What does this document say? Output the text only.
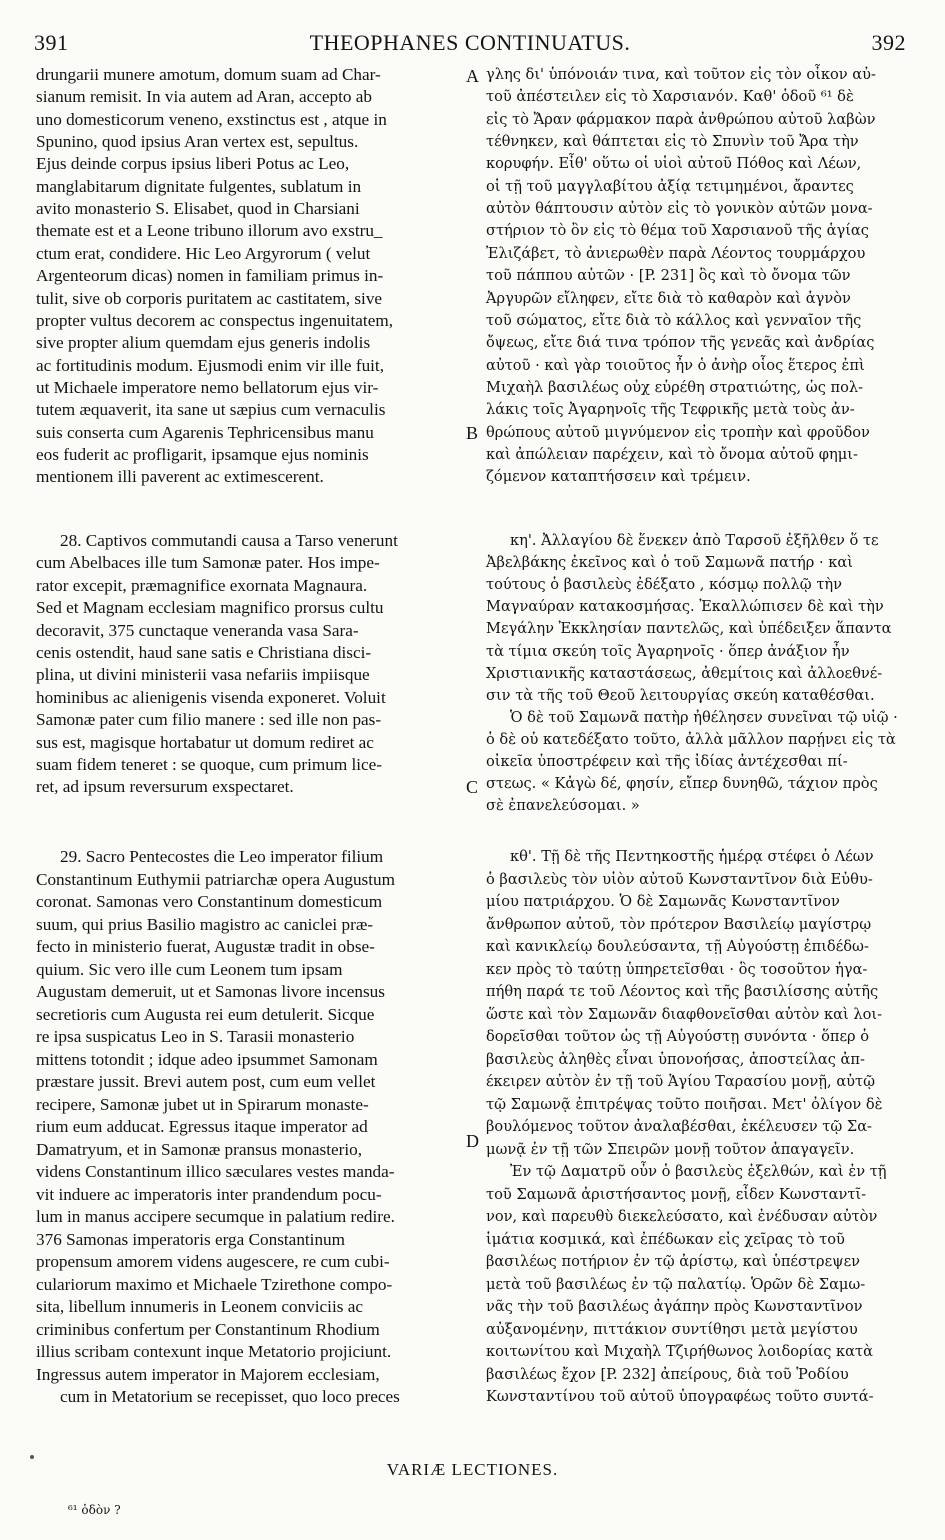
391	THEOPHANES CONTINUATUS.	392
drungarii munere amotum, domum suam ad Char-
sianum remisit. In via autem ad Aran, accepto ab
uno domesticorum veneno, exstinctus est , atque in
Spunino, quod ipsius Aran vertex est, sepultus.
Ejus deinde corpus ipsius liberi Potus ac Leo,
manglabitarum dignitate fulgentes, sublatum in
avito monasterio S. Elisabet, quod in Charsiani
themate est et a Leone tribuno illorum avo exstru_
ctum erat, condidere. Hic Leo Argyrorum ( velut
Argenteorum dicas) nomen in familiam primus in-
tulit, sive ob corporis puritatem ac castitatem, sive
propter vultus decorem ac conspectus ingenuitatem,
sive propter alium quemdam ejus generis indolis
ac fortitudinis modum. Ejusmodi enim vir ille fuit,
ut Michaele imperatore nemo bellatorum ejus vir-
tutem æquaverit, ita sane ut sæpius cum vernaculis
suis conserta cum Agarenis Tephricensibus manu
eos fuderit ac profligarit, ipsamque ejus nominis
mentionem illi paverent ac extimescerent.
28. Captivos commutandi causa a Tarso venerunt
cum Abelbaces ille tum Samonæ pater. Hos impe-
rator excepit, præmagnifice exornata Magnaura.
Sed et Magnam ecclesiam magnifico prorsus cultu
decoravit, 375 cunctaque veneranda vasa Sara-
cenis ostendit, haud sane satis e Christiana disci-
plina, ut divini ministerii vasa nefariis impiisque
hominibus ac alienigenis visenda exponeret. Voluit
Samonæ pater cum filio manere : sed ille non pas-
sus est, magisque hortabatur ut domum rediret ac
suam fidem teneret : se quoque, cum primum lice-
ret, ad ipsum reversurum exspectaret.
29. Sacro Pentecostes die Leo imperator filium
Constantinum Euthymii patriarchæ opera Augustum
coronat. Samonas vero Constantinum domesticum
suum, qui prius Basilio magistro ac caniclei præ-
fecto in ministerio fuerat, Augustæ tradit in obse-
quium. Sic vero ille cum Leonem tum ipsam
Augustam demeruit, ut et Samonas livore incensus
secretioris cum Augusta rei eum detulerit. Sicque
re ipsa suspicatus Leo in S. Tarasii monasterio
mittens totondit ; idque adeo ipsummet Samonam
præstare jussit. Brevi autem post, cum eum vellet
recipere, Samonæ jubet ut in Spirarum monaste-
rium eum adducat. Egressus itaque imperator ad
Damatryum, et in Samonæ pransus monasterio,
videns Constantinum illico sæculares vestes manda-
vit induere ac imperatoris inter prandendum pocu-
lum in manus accipere secumque in palatium redire.
376 Samonas imperatoris erga Constantinum
propensum amorem videns augescere, re cum cubi-
culariorum maximo et Michaele Tzirethone compo-
sita, libellum innumeris in Leonem conviciis ac
criminibus confertum per Constantinum Rhodium
illius scribam contexunt inque Metatorio projiciunt.
Ingressus autem imperator in Majorem ecclesiam,
cum in Metatorium se recepisset, quo loco preces
γλης δι' ὑπόνοιάν τινα, καὶ τοῦτον εἰς τὸν οἶκον αὐ-
τοῦ ἀπέστειλεν εἰς τὸ Χαρσιανόν. Καθ' ὁδοῦ ⁶¹ δὲ
εἰς τὸ Ἄραν φάρμακον παρὰ ἀνθρώπου αὐτοῦ λαβὼν
τέθνηκεν, καὶ θάπτεται εἰς τὸ Σπυνὶν τοῦ Ἄρα τὴν
κορυφήν. Εἶθ' οὕτω οἱ υἱοὶ αὐτοῦ Πόθος καὶ Λέων,
οἱ τῇ τοῦ μαγγλαβίτου ἀξίᾳ τετιμημένοι, ἄραντες
αὐτὸν θάπτουσιν αὐτὸν εἰς τὸ γονικὸν αὐτῶν μονα-
στήριον τὸ ὂν εἰς τὸ θέμα τοῦ Χαρσιανοῦ τῆς ἁγίας
Ἐλιζάβετ, τὸ ἀνιερωθὲν παρὰ Λέοντος τουρμάρχου
τοῦ πάππου αὐτῶν · [P. 231] ὃς καὶ τὸ ὄνομα τῶν
Ἀργυρῶν εἴληφεν, εἴτε διὰ τὸ καθαρὸν καὶ ἁγνὸν
τοῦ σώματος, εἴτε διὰ τὸ κάλλος καὶ γενναῖον τῆς
ὄψεως, εἴτε διά τινα τρόπον τῆς γενεᾶς καὶ ἀνδρίας
αὐτοῦ · καὶ γὰρ τοιοῦτος ἦν ὁ ἀνὴρ οἷος ἕτερος ἐπὶ
Μιχαὴλ βασιλέως οὐχ εὑρέθη στρατιώτης, ὡς πολ-
λάκις τοῖς Ἀγαρηνοῖς τῆς Τεφρικῆς μετὰ τοὺς ἀν-
θρώπους αὐτοῦ μιγνύμενον εἰς τροπὴν καὶ φροῦδον
καὶ ἀπώλειαν παρέχειν, καὶ τὸ ὄνομα αὐτοῦ φημι-
ζόμενον καταπτήσσειν καὶ τρέμειν.
κη'. Ἀλλαγίου δὲ ἕνεκεν ἀπὸ Ταρσοῦ ἐξῆλθεν ὅ τε
Ἀβελβάκης ἐκεῖνος καὶ ὁ τοῦ Σαμωνᾶ πατήρ · καὶ
τούτους ὁ βασιλεὺς ἐδέξατο , κόσμῳ πολλῷ τὴν
Μαγναύραν κατακοσμήσας. Ἐκαλλώπισεν δὲ καὶ τὴν
Μεγάλην Ἐκκλησίαν παντελῶς, καὶ ὑπέδειξεν ἅπαντα
τὰ τίμια σκεύη τοῖς Ἀγαρηνοῖς · ὅπερ ἀνάξιον ἦν
Χριστιανικῆς καταστάσεως, ἀθεμίτοις καὶ ἀλλοεθνέ-
σιν τὰ τῆς τοῦ Θεοῦ λειτουργίας σκεύη καταθέσθαι.
Ὁ δὲ τοῦ Σαμωνᾶ πατὴρ ἠθέλησεν συνεῖναι τῷ υἱῷ ·
ὁ δὲ οὐ κατεδέξατο τοῦτο, ἀλλὰ μᾶλλον παρῄνει εἰς τὰ
οἰκεῖα ὑποστρέφειν καὶ τῆς ἰδίας ἀντέχεσθαι πί-
στεως. « Κἀγὼ δέ, φησίν, εἴπερ δυνηθῶ, τάχιον πρὸς
σὲ ἐπανελεύσομαι. »
κθ'. Τῇ δὲ τῆς Πεντηκοστῆς ἡμέρᾳ στέφει ὁ Λέων
ὁ βασιλεὺς τὸν υἱὸν αὐτοῦ Κωνσταντῖνον διὰ Εὐθυ-
μίου πατριάρχου. Ὁ δὲ Σαμωνᾶς Κωνσταντῖνον
ἄνθρωπον αὐτοῦ, τὸν πρότερον Βασιλείῳ μαγίστρῳ
καὶ κανικλείῳ δουλεύσαντα, τῇ Αὐγούστῃ ἐπιδέδω-
κεν πρὸς τὸ ταύτῃ ὑπηρετεῖσθαι · ὃς τοσοῦτον ἠγα-
πήθη παρά τε τοῦ Λέοντος καὶ τῆς βασιλίσσης αὐτῆς
ὥστε καὶ τὸν Σαμωνᾶν διαφθονεῖσθαι αὐτὸν καὶ λοι-
δορεῖσθαι τοῦτον ὡς τῇ Αὐγούστῃ συνόντα · ὅπερ ὁ
βασιλεὺς ἀληθὲς εἶναι ὑπονοήσας, ἀποστείλας ἀπ-
έκειρεν αὐτὸν ἐν τῇ τοῦ Ἁγίου Ταρασίου μονῇ, αὐτῷ
τῷ Σαμωνᾷ ἐπιτρέψας τοῦτο ποιῆσαι. Μετ' ὀλίγον δὲ
βουλόμενος τοῦτον ἀναλαβέσθαι, ἐκέλευσεν τῷ Σα-
μωνᾷ ἐν τῇ τῶν Σπειρῶν μονῇ τοῦτον ἀπαγαγεῖν.
Ἐν τῷ Δαματρῦ οὖν ὁ βασιλεὺς ἐξελθών, καὶ ἐν τῇ
τοῦ Σαμωνᾶ ἀριστήσαντος μονῇ, εἶδεν Κωνσταντῖ-
νον, καὶ παρευθὺ διεκελεύσατο, καὶ ἐνέδυσαν αὐτὸν
ἱμάτια κοσμικά, καὶ ἐπέδωκαν εἰς χεῖρας τὸ τοῦ
βασιλέως ποτήριον ἐν τῷ ἀρίστῳ, καὶ ὑπέστρεψεν
μετὰ τοῦ βασιλέως ἐν τῷ παλατίῳ. Ὁρῶν δὲ Σαμω-
νᾶς τὴν τοῦ βασιλέως ἀγάπην πρὸς Κωνσταντῖνον
αὐξανομένην, πιττάκιον συντίθησι μετὰ μεγίστου
κοιτωνίτου καὶ Μιχαὴλ Τζιρήθωνος λοιδορίας κατὰ
βασιλέως ἔχον [P. 232] ἀπείρους, διὰ τοῦ Ῥοδίου
Κωνσταντίνου τοῦ αὐτοῦ ὑπογραφέως τοῦτο συντά-
A
B
C
D
VARIÆ LECTIONES.
⁶¹ ὁδὸν ?
